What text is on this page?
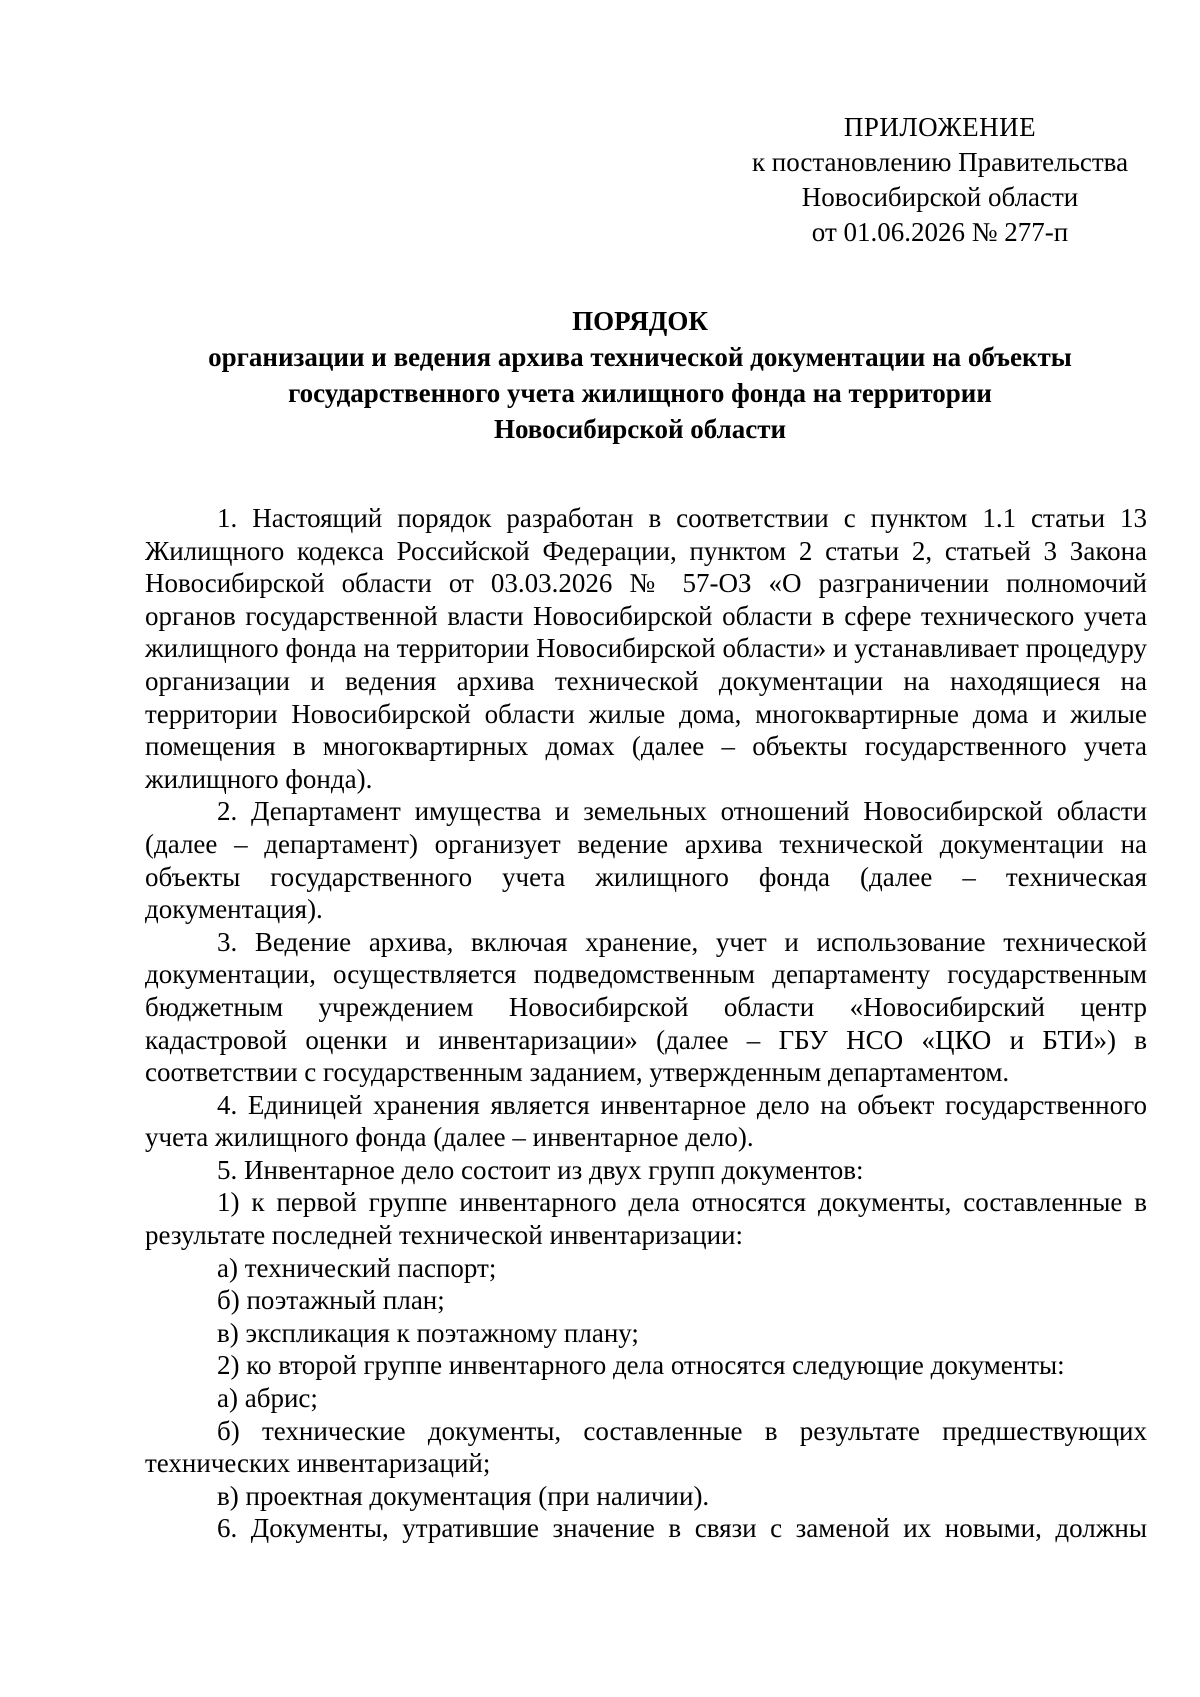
ПРИЛОЖЕНИЕ
к постановлению Правительства
Новосибирской области
от 01.06.2026 № 277-п
ПОРЯДОК
организации и ведения архива технической документации на объекты
государственного учета жилищного фонда на территории
Новосибирской области

1. Настоящий порядок разработан в соответствии с пунктом 1.1 статьи 13 Жилищного кодекса Российской Федерации, пунктом 2 статьи 2, статьей 3 Закона Новосибирской области от 03.03.2026 № 57-ОЗ «О разграничении полномочий органов государственной власти Новосибирской области в сфере технического учета жилищного фонда на территории Новосибирской области» и устанавливает процедуру организации и ведения архива технической документации на находящиеся на территории Новосибирской области жилые дома, многоквартирные дома и жилые помещения в многоквартирных домах (далее – объекты государственного учета жилищного фонда).

2. Департамент имущества и земельных отношений Новосибирской области (далее – департамент) организует ведение архива технической документации на объекты государственного учета жилищного фонда (далее – техническая документация).

3. Ведение архива, включая хранение, учет и использование технической документации, осуществляется подведомственным департаменту государственным бюджетным учреждением Новосибирской области «Новосибирский центр кадастровой оценки и инвентаризации» (далее – ГБУ НСО «ЦКО и БТИ») в соответствии с государственным заданием, утвержденным департаментом.

4. Единицей хранения является инвентарное дело на объект государственного учета жилищного фонда (далее – инвентарное дело).

5. Инвентарное дело состоит из двух групп документов:

1) к первой группе инвентарного дела относятся документы, составленные в результате последней технической инвентаризации:

а) технический паспорт;

б) поэтажный план;

в) экспликация к поэтажному плану;

2) ко второй группе инвентарного дела относятся следующие документы:

а) абрис;

б) технические документы, составленные в результате предшествующих технических инвентаризаций;

в) проектная документация (при наличии).

6. Документы, утратившие значение в связи с заменой их новыми, должны
